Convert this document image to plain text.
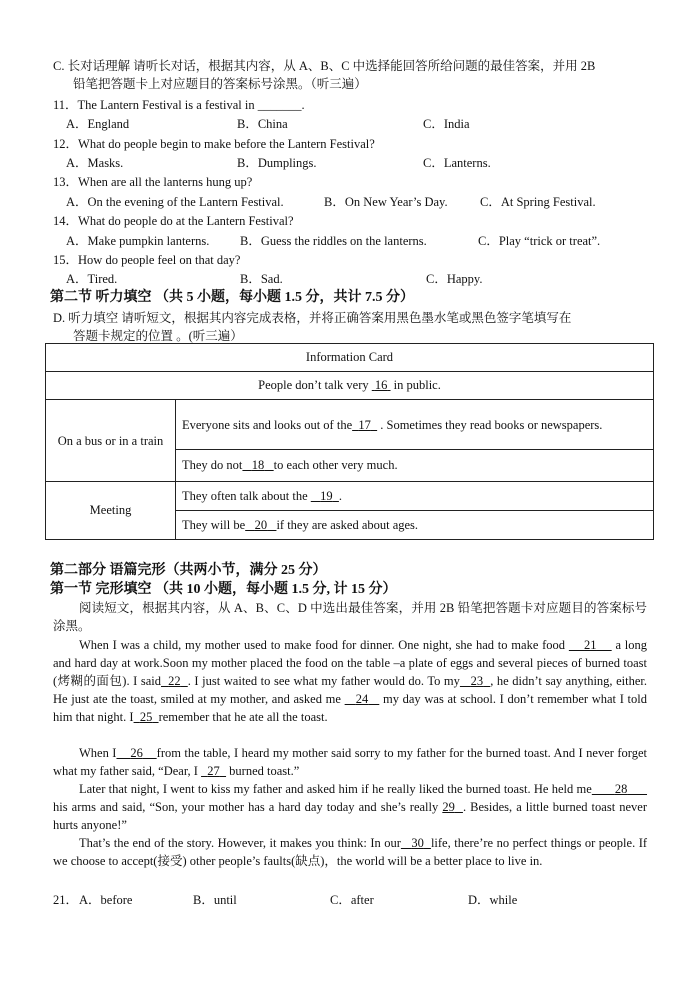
C. 长对话理解 请听长对话，根据其内容，从 A、B、C 中选择能回答所给问题的最佳答案，并用 2B
铅笔把答题卡上对应题目的答案标号涂黑。（听三遍）
11．The Lantern Festival is a festival in _______.
A．England	B．China	C．India
12．What do people begin to make before the Lantern Festival?
A．Masks.	B．Dumplings.	C．Lanterns.
13．When are all the lanterns hung up?
A．On the evening of the Lantern Festival.	B．On New Year’s Day.	C．At Spring Festival.
14．What do people do at the Lantern Festival?
A．Make pumpkin lanterns. B．Guess the riddles on the lanterns.	C．Play “trick or treat”.
15．How do people feel on that day?
A．Tired.	B．Sad.	C．Happy.
第二节 听力填空 （共 5 小题，每小题 1.5 分，共计 7.5 分）
D. 听力填空 请听短文，根据其内容完成表格，并将正确答案用黑色墨水笔或黑色签字笔填写在
答题卡规定的位置 。(听三遍）
Information Card	
People don’t talk very  16  in public.	
On a bus or in a train	Everyone sits and looks out of the 17   . Sometimes they read books or newspapers.
	They do not 18 to each other very much.
Meeting	They often talk about the    19 .
	They will be 20 if they are asked about ages.
第二部分 语篇完形（共两小节，满分 25 分）
第一节 完形填空 （共 10 小题，每小题 1.5 分, 计 15 分）
阅读短文，根据其内容，从 A、B、C、D 中选出最佳答案，并用 2B 铅笔把答题卡对应题目的答案标号涂黑。
When I was a child, my mother used to make food for dinner. One night, she had to make food     21     a long and hard day at work.Soon my mother placed the food on the table –a plate of eggs and several pieces of burned toast (烤糊的面包). I said 22 . I just waited to see what my father would do. To my 23 , he didn’t say anything, either. He just ate the toast, smiled at my mother, and asked me    24    my day was at school. I don’t remember what I told him that night. I 25 remember that he ate all the toast.
When I 26 from the table, I heard my mother said sorry to my father for the burned toast. And I never forget what my father said, “Dear, I   27   burned toast.”
Later that night, I went to kiss my father and asked him if he really liked the burned toast. He held me 28       his arms and said, “Son, your mother has a hard day today and she’s really 29 . Besides, a little burned toast never hurts anyone!”
That’s the end of the story. However, it makes you think: In our 30 life, there’re no perfect things or people. If we choose to accept(接受) other people’s faults(缺点)，the world will be a better place to live in.
21． A．before	B．until	C．after	D．while
